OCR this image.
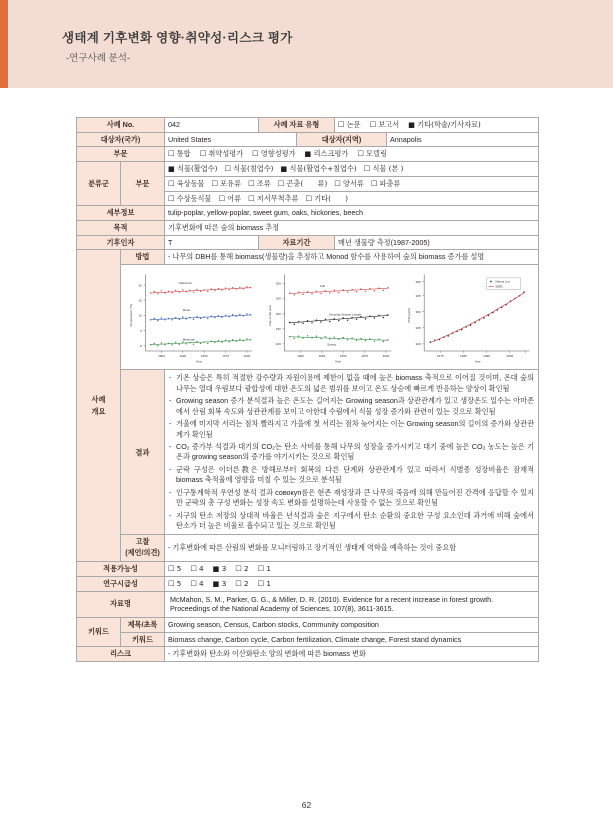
생태계 기후변화 영향·취약성·리스크 평가
-연구사례 분석-
사례 No.		042	사례 자료 유형		☐ 논문 ☐ 보고서 ■ 기타(학술/기사자료)	
대상자(국가)		United States		대상자(지역)		Annapolis
부문		☐ 통합 ☐ 취약성평가 ☐ 영향성평가 ■ 리스크평가 ☐ 모델링				
분류군	부문	■ 식물(활엽수) ☐ 식물(침엽수) ■ 식물(활엽수+침엽수) ☐ 식물 (본 )				
		☐ 육상동물 ☐ 포유류 ☐ 조류 ☐ 곤충(　　류) ☐ 양서류 ☐ 파충류				
		☐ 수상동식물 ☐ 어류 ☐ 저서무척추류 ☐ 기타(　　)				
세부정보		tulip-poplar, yellow-poplar, sweet gum, oaks, hickories, beech				
목적		기후변화에 따른 숲의 biomass 추정				
기후인자		T	자료기간		매년 생물량 측정(1987-2005)	
사례
개요	방법	- 나무의 DBH를 통해 biomass(생물량)을 추정하고 Monod 함수를 사용하여 숲의 biomass 증가를 설명				

-5
0
10
20
25
1900	1925	1950	1975	2000
Year
Temperature (°C)
Maximum
Mean
Minimum
100
150
200
250
300
1900	1925	1950	1975	2000
Year
Day of the year
Fall
Growing Season Length
Spring	320
335
350
365
380
1975	1985	1995	2005
Year
CO2 (ppm)
Mauna Loa
SERC

결과	
- 기온 상승은 특히 적절한 강수량과 자원이용에 제한이 없을 때에 높은 biomass 축적으로 이어질 것이며, 온대 숲의 나무는 열대 우림보다 광합성에 대한 온도의 넓은 범위를 보이고 온도 상승에 빠르게 반응하는 양상이 확인됨
- Growing season 증가 분석결과 높은 온도는 길어지는 Growing season과 상관관계가 있고 생장온도 일수는 아마존에서 산림 회복 속도와 상관관계를 보이고 아한대 수림에서 식물 성장 증가와 관련이 있는 것으로 확인됨
- 겨울에 미지막 서리는 점차 빨라지고 가을에 첫 서리는 점차 늦어지는 이는 Growing season의 길이의 증가와 상관관계가 확인됨
- CO₂ 증가부 석결과 대기의 CO₂는 탄소 사비를 통해 나무의 성장을 증가시키고 대기 중에 높은 CO₂ 농도는 높은 기온과 growing season의 증가를 야기시키는 것으로 확인됨
- 군락 구성은 이더른教은 방해로부터 회복의 다른 단계와 상관관계가 있고 따라서 식별종 성장비율은 잠재적 biomass 축적율에 영향을 미칠 수 있는 것으로 분석됨
- 인구통계학적 우연성 분석 결과 совокуп름은 현존 재성장과 큰 나무의 죽음에 의해 만들어진 간격에 응답할 수 있지만 군락의 총 구성 변화는 성장 속도 변화를 설명하는데 사용할 수 없는 것으로 확인됨
- 지구의 탄소 저장의 상대적 바율은 년석결과 숲은 지구에서 탄소 순환의 중요한 구성 요소인데 과거에 비해 숲에서 탄소가 더 높은 비율로 흡수되고 있는 것으로 확인됨

	고찰
(제언/의견)	- 기후변화에 따른 산림의 변화를 모니터링하고 장기적인 생태계 역학을 예측하는 것이 중요함				
적용가능성		☐ 5 ☐ 4 ■ 3 ☐ 2 ☐ 1				
연구시급성		☐ 5 ☐ 4 ■ 3 ☐ 2 ☐ 1				
자료명		McMahon, S. M., Parker, G. G., & Miller, D. R. (2010). Evidence for a recent increase in forest growth. Proceedings of the National Academy of Sciences, 107(8), 3611-3615.				
키워드	제목/초록	Growing season, Census, Carbon stocks, Community composition				
	키워드	Biomass change, Carbon cycle, Carbon fertilization, Climate change, Forest stand dynamics				
리스크		- 기후변화와 탄소와 이산화탄소 양의 변화에 따른 biomass 변화				
62
